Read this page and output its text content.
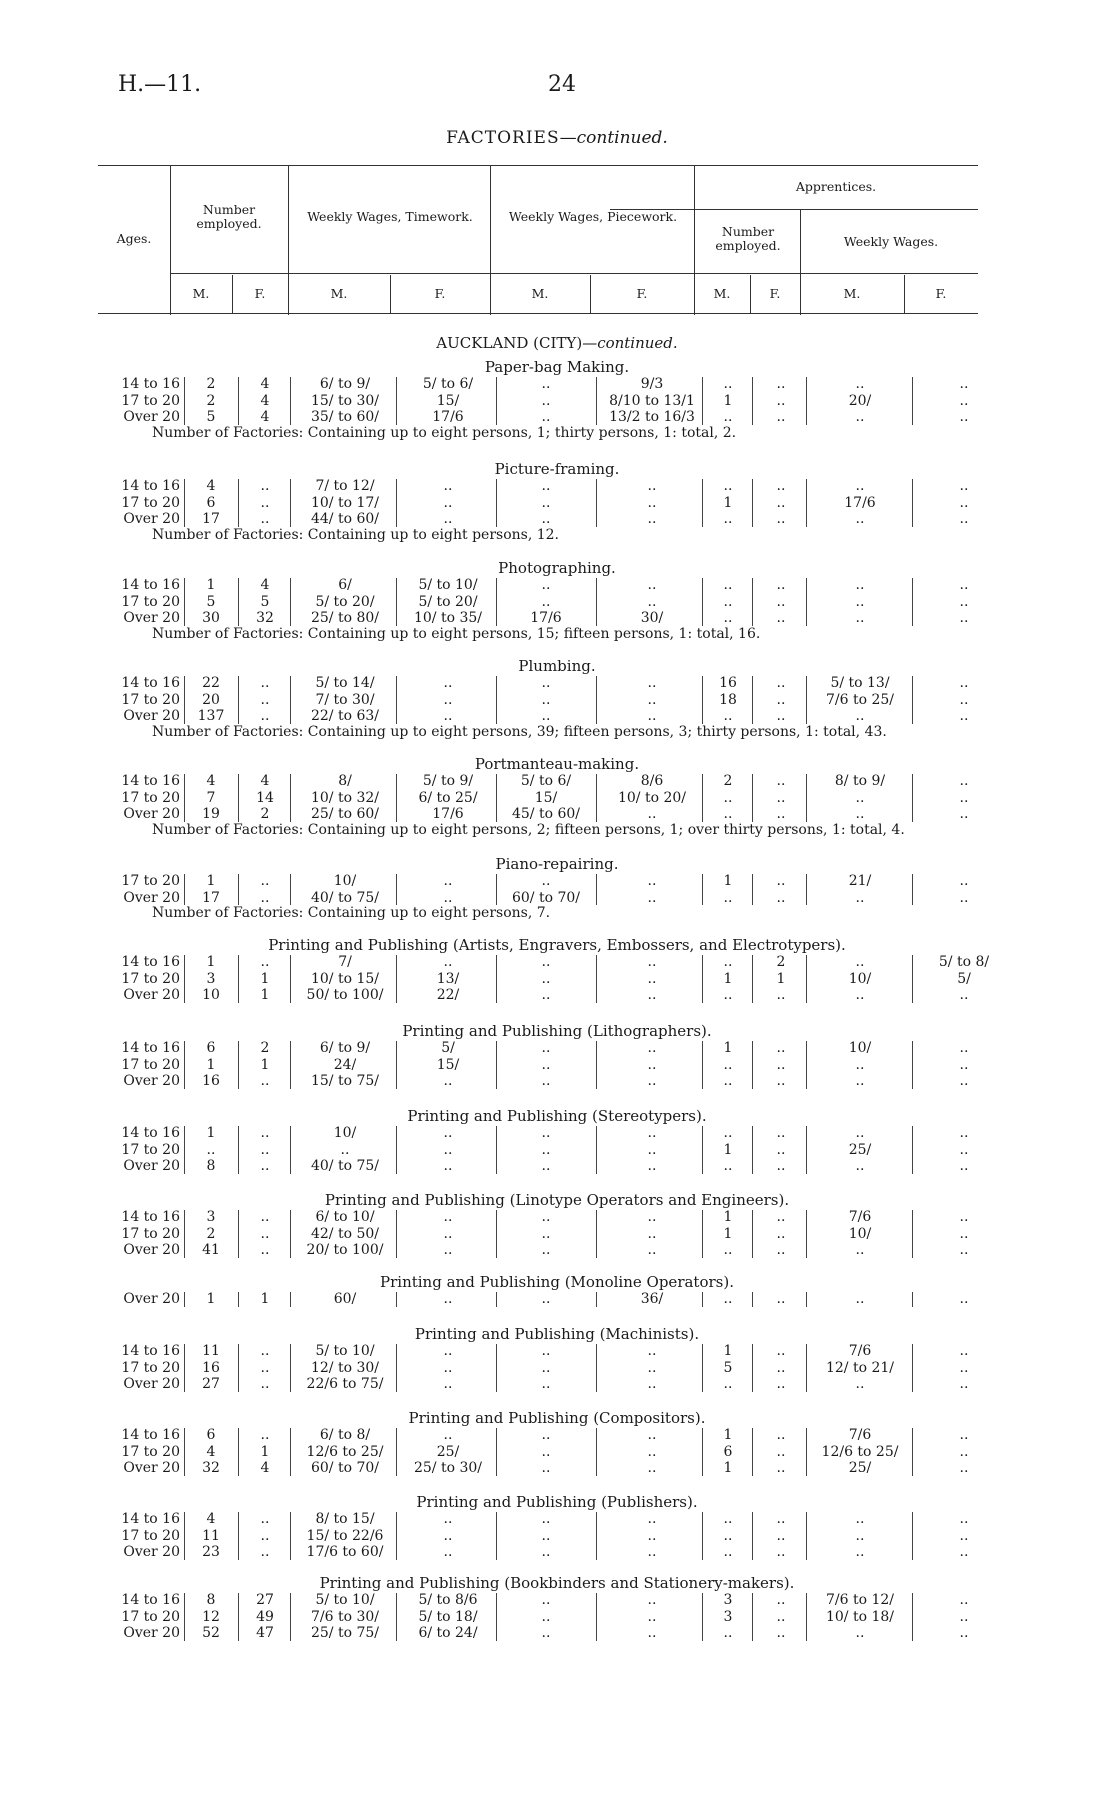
H.—11.	24
FACTORIES—continued.
Ages.
Number employed.	Weekly Wages, Timework.	Weekly Wages, Piecework.
Apprentices.
Number employed.	Weekly Wages.
M.	F.	M.	F.	M.	F.	M.	F.	M.	F.
AUCKLAND (CITY)—continued.
Paper-bag Making.
14 to 16	2	4	6/ to 9/	5/ to 6/	..	9/3	..	..	..	..
17 to 20	2	4	15/ to 30/	15/	..	8/10 to 13/1	1	..	20/	..
Over 20	5	4	35/ to 60/	17/6	..	13/2 to 16/3	..	..	..	..
Number of Factories: Containing up to eight persons, 1; thirty persons, 1: total, 2.
Picture-framing.
14 to 16	4	..	7/ to 12/	..	..	..	..	..	..	..
17 to 20	6	..	10/ to 17/	..	..	..	1	..	17/6	..
Over 20	17	..	44/ to 60/	..	..	..	..	..	..	..
Number of Factories: Containing up to eight persons, 12.
Photographing.
14 to 16	1	4	6/	5/ to 10/	..	..	..	..	..	..
17 to 20	5	5	5/ to 20/	5/ to 20/	..	..	..	..	..	..
Over 20	30	32	25/ to 80/	10/ to 35/	17/6	30/	..	..	..	..
Number of Factories: Containing up to eight persons, 15; fifteen persons, 1: total, 16.
Plumbing.
14 to 16	22	..	5/ to 14/	..	..	..	16	..	5/ to 13/	..
17 to 20	20	..	7/ to 30/	..	..	..	18	..	7/6 to 25/	..
Over 20 137	..	22/ to 63/	..	..	..	..	..	..	..
Number of Factories: Containing up to eight persons, 39; fifteen persons, 3; thirty persons, 1: total, 43.
Portmanteau-making.
14 to 16	4	4	8/	5/ to 9/	5/ to 6/	8/6	2	..	8/ to 9/	..
17 to 20	7	14	10/ to 32/	6/ to 25/	15/	10/ to 20/	..	..	..	..
Over 20	19	2	25/ to 60/	17/6	45/ to 60/	..	..	..	..	..
Number of Factories: Containing up to eight persons, 2; fifteen persons, 1; over thirty persons, 1: total, 4.
Piano-repairing.
17 to 20	1	..	10/	..	..	..	1	..	21/	..
Over 20	17	..	40/ to 75/	..	60/ to 70/	..	..	..	..	..
Number of Factories: Containing up to eight persons, 7.
Printing and Publishing (Artists, Engravers, Embossers, and Electrotypers).
14 to 16	1	..	7/	..	..	..	..	2	..	5/ to 8/
17 to 20	3	1	10/ to 15/	13/	..	..	1	1	10/	5/
Over 20	10	1	50/ to 100/	22/	..	..	..	..	..	..
Printing and Publishing (Lithographers).
14 to 16	6	2	6/ to 9/	5/	..	..	1	..	10/	..
17 to 20	1	1	24/	15/	..	..	..	..	..	..
Over 20	16	..	15/ to 75/	..	..	..	..	..	..	..
Printing and Publishing (Stereotypers).
14 to 16	1	..	10/	..	..	..	..	..	..	..
17 to 20	..	..	..	..	..	..	1	..	25/	..
Over 20	8	..	40/ to 75/	..	..	..	..	..	..	..
Printing and Publishing (Linotype Operators and Engineers).
14 to 16	3	..	6/ to 10/	..	..	..	1	..	7/6	..
17 to 20	2	..	42/ to 50/	..	..	..	1	..	10/	..
Over 20	41	..	20/ to 100/	..	..	..	..	..	..	..
Printing and Publishing (Monoline Operators).
Over 20	1	1	60/	..	..	36/	..	..	..	..
Printing and Publishing (Machinists).
14 to 16	11	..	5/ to 10/	..	..	..	1	..	7/6	..
17 to 20	16	..	12/ to 30/	..	..	..	5	..	12/ to 21/	..
Over 20	27	..	22/6 to 75/	..	..	..	..	..	..	..
Printing and Publishing (Compositors).
14 to 16	6	..	6/ to 8/	..	..	..	1	..	7/6	..
17 to 20	4	1	12/6 to 25/	25/	..	..	6	..	12/6 to 25/	..
Over 20	32	4	60/ to 70/	25/ to 30/	..	..	1	..	25/	..
Printing and Publishing (Publishers).
14 to 16	4	..	8/ to 15/	..	..	..	..	..	..	..
17 to 20	11	..	15/ to 22/6	..	..	..	..	..	..	..
Over 20	23	..	17/6 to 60/	..	..	..	..	..	..	..
Printing and Publishing (Bookbinders and Stationery-makers).
14 to 16	8	27	5/ to 10/	5/ to 8/6	..	..	3	..	7/6 to 12/	..
17 to 20	12	49	7/6 to 30/	5/ to 18/	..	..	3	..	10/ to 18/	..
Over 20	52	47	25/ to 75/	6/ to 24/	..	..	..	..	..	..
